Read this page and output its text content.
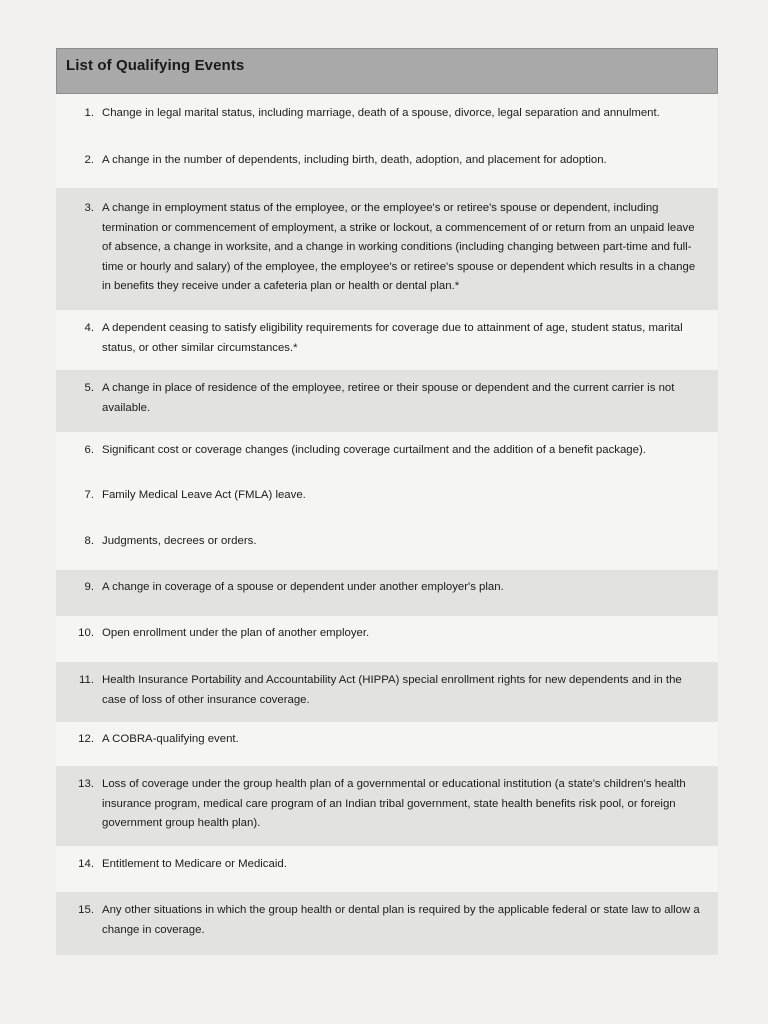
List of Qualifying Events
1. Change in legal marital status, including marriage, death of a spouse, divorce, legal separation and annulment.
2. A change in the number of dependents, including birth, death, adoption, and placement for adoption.
3. A change in employment status of the employee, or the employee's or retiree's spouse or dependent, including termination or commencement of employment, a strike or lockout, a commencement of or return from an unpaid leave of absence, a change in worksite, and a change in working conditions (including changing between part-time and full-time or hourly and salary) of the employee, the employee's or retiree's spouse or dependent which results in a change in benefits they receive under a cafeteria plan or health or dental plan.*
4. A dependent ceasing to satisfy eligibility requirements for coverage due to attainment of age, student status, marital status, or other similar circumstances.*
5. A change in place of residence of the employee, retiree or their spouse or dependent and the current carrier is not available.
6. Significant cost or coverage changes (including coverage curtailment and the addition of a benefit package).
7. Family Medical Leave Act (FMLA) leave.
8. Judgments, decrees or orders.
9. A change in coverage of a spouse or dependent under another employer's plan.
10. Open enrollment under the plan of another employer.
11. Health Insurance Portability and Accountability Act (HIPPA) special enrollment rights for new dependents and in the case of loss of other insurance coverage.
12. A COBRA-qualifying event.
13. Loss of coverage under the group health plan of a governmental or educational institution (a state's children's health insurance program, medical care program of an Indian tribal government, state health benefits risk pool, or foreign government group health plan).
14. Entitlement to Medicare or Medicaid.
15. Any other situations in which the group health or dental plan is required by the applicable federal or state law to allow a change in coverage.
